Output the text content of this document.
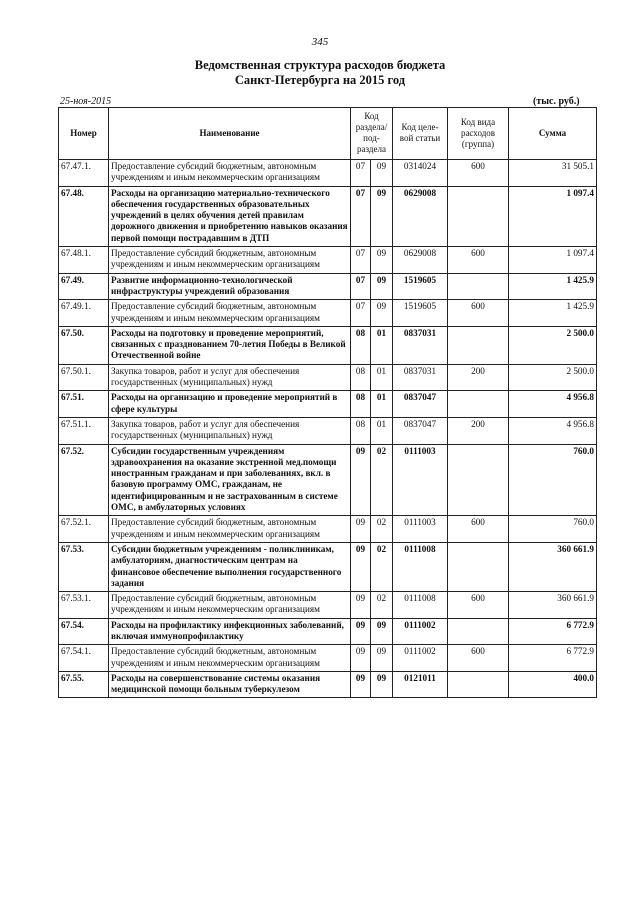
345
Ведомственная структура расходов бюджета
Санкт-Петербурга на 2015 год
25-ноя-2015	(тыс. руб.)
Номер	Наименование	Код раздела/ под-раздела		Код целе-вой статьи	Код вида расходов (группа)	Сумма
67.47.1.	Предоставление субсидий бюджетным, автономным учреждениям и иным некоммерческим организациям	07	09	0314024	600	31 505.1
67.48.	Расходы на организацию материально-технического обеспечения государственных образовательных учреждений в целях обучения детей правилам дорожного движения и приобретению навыков оказания первой помощи пострадавшим в ДТП	07	09	0629008		1 097.4
67.48.1.	Предоставление субсидий бюджетным, автономным учреждениям и иным некоммерческим организациям	07	09	0629008	600	1 097.4
67.49.	Развитие информационно-технологической инфраструктуры учреждений образования	07	09	1519605		1 425.9
67.49.1.	Предоставление субсидий бюджетным, автономным учреждениям и иным некоммерческим организациям	07	09	1519605	600	1 425.9
67.50.	Расходы на подготовку и проведение мероприятий, связанных с празднованием 70-летия Победы в Великой Отечественной войне	08	01	0837031		2 500.0
67.50.1.	Закупка товаров, работ и услуг для обеспечения государственных (муниципальных) нужд	08	01	0837031	200	2 500.0
67.51.	Расходы на организацию и проведение мероприятий в сфере культуры	08	01	0837047		4 956.8
67.51.1.	Закупка товаров, работ и услуг для обеспечения государственных (муниципальных) нужд	08	01	0837047	200	4 956.8
67.52.	Субсидии государственным учреждениям здравоохранения на оказание экстренной мед.помощи иностранным гражданам и при заболеваниях, вкл. в базовую программу ОМС, гражданам, не идентифицированным и не застрахованным в системе ОМС, в амбулаторных условиях	09	02	0111003		760.0
67.52.1.	Предоставление субсидий бюджетным, автономным учреждениям и иным некоммерческим организациям	09	02	0111003	600	760.0
67.53.	Субсидии бюджетным учреждениям - поликлиникам, амбулаториям, диагностическим центрам на финансовое обеспечение выполнения государственного задания	09	02	0111008		360 661.9
67.53.1.	Предоставление субсидий бюджетным, автономным учреждениям и иным некоммерческим организациям	09	02	0111008	600	360 661.9
67.54.	Расходы на профилактику инфекционных заболеваний, включая иммунопрофилактику	09	09	0111002		6 772.9
67.54.1.	Предоставление субсидий бюджетным, автономным учреждениям и иным некоммерческим организациям	09	09	0111002	600	6 772.9
67.55.	Расходы на совершенствование системы оказания медицинской помощи больным туберкулезом	09	09	0121011		400.0
